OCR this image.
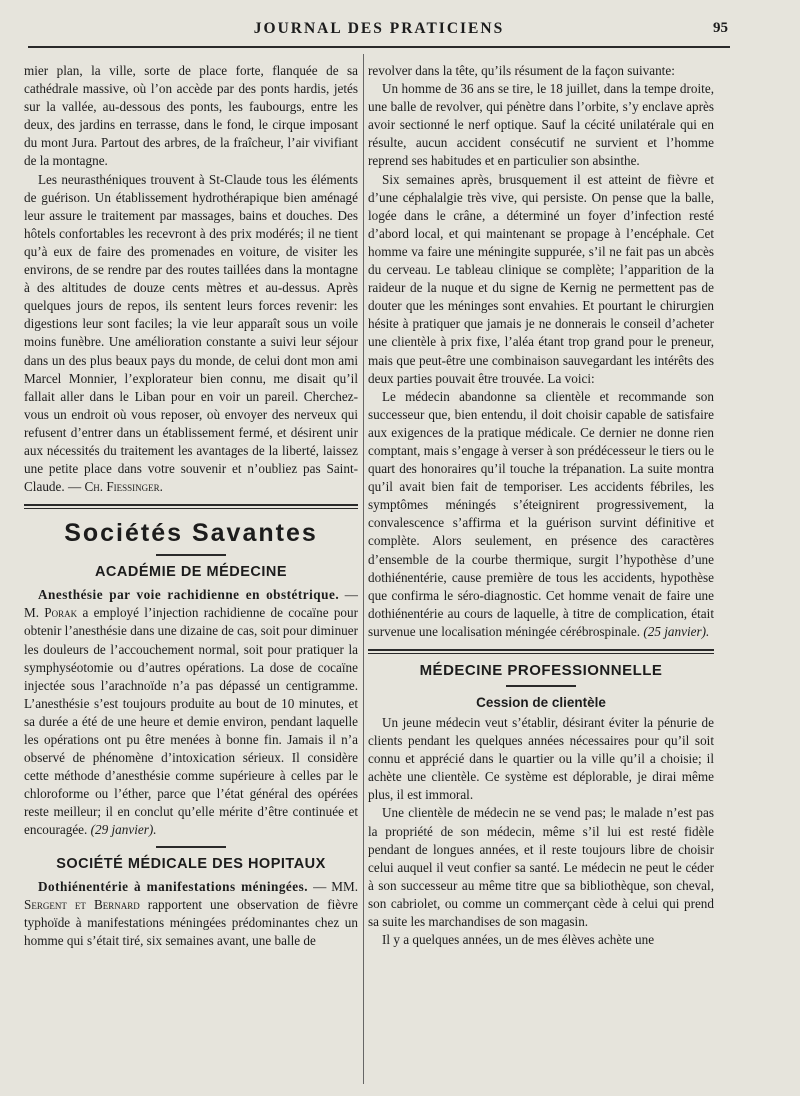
JOURNAL DES PRATICIENS	95

mier plan, la ville, sorte de place forte, flanquée de sa cathédrale massive, où l’on accède par des ponts hardis, jetés sur la vallée, au-dessous des ponts, les faubourgs, entre les deux, des jardins en terrasse, dans le fond, le cirque imposant du mont Jura. Partout des arbres, de la fraîcheur, l’air vivifiant de la montagne.

Les neurasthéniques trouvent à St-Claude tous les éléments de guérison. Un établissement hydrothérapique bien aménagé leur assure le traitement par massages, bains et douches. Des hôtels confortables les recevront à des prix modérés; il ne tient qu’à eux de faire des promenades en voiture, de visiter les environs, de se rendre par des routes taillées dans la montagne à des altitudes de douze cents mètres et au-dessus. Après quelques jours de repos, ils sentent leurs forces revenir: les digestions leur sont faciles; la vie leur apparaît sous un voile moins funèbre. Une amélioration constante a suivi leur séjour dans un des plus beaux pays du monde, de celui dont mon ami Marcel Monnier, l’explorateur bien connu, me disait qu’il fallait aller dans le Liban pour en voir un pareil. Cherchez-vous un endroit où vous reposer, où envoyer des nerveux qui refusent d’entrer dans un établissement fermé, et désirent unir aux nécessités du traitement les avantages de la liberté, laissez une petite place dans votre souvenir et n’oubliez pas Saint-Claude. — Ch. Fiessinger.

Sociétés Savantes
ACADÉMIE DE MÉDECINE

Anesthésie par voie rachidienne en obstétrique. — M. Porak a employé l’injection rachidienne de cocaïne pour obtenir l’anesthésie dans une dizaine de cas, soit pour diminuer les douleurs de l’accouchement normal, soit pour pratiquer la symphyséotomie ou d’autres opérations. La dose de cocaïne injectée sous l’arachnoïde n’a pas dépassé un centigramme. L’anesthésie s’est toujours produite au bout de 10 minutes, et sa durée a été de une heure et demie environ, pendant laquelle les opérations ont pu être menées à bonne fin. Jamais il n’a observé de phénomène d’intoxication sérieux. Il considère cette méthode d’anesthésie comme supérieure à celles par le chloroforme ou l’éther, parce que l’état général des opérées reste meilleur; il en conclut qu’elle mérite d’être continuée et encouragée. (29 janvier).

SOCIÉTÉ MÉDICALE DES HOPITAUX

Dothiénentérie à manifestations méningées. — MM. Sergent et Bernard rapportent une observation de fièvre typhoïde à manifestations méningées prédominantes chez un homme qui s’était tiré, six semaines avant, une balle de

revolver dans la tête, qu’ils résument de la façon suivante:

Un homme de 36 ans se tire, le 18 juillet, dans la tempe droite, une balle de revolver, qui pénètre dans l’orbite, s’y enclave après avoir sectionné le nerf optique. Sauf la cécité unilatérale qui en résulte, aucun accident consécutif ne survient et l’homme reprend ses habitudes et en particulier son absinthe.

Six semaines après, brusquement il est atteint de fièvre et d’une céphalalgie très vive, qui persiste. On pense que la balle, logée dans le crâne, a déterminé un foyer d’infection resté d’abord local, et qui maintenant se propage à l’encéphale. Cet homme va faire une méningite suppurée, s’il ne fait pas un abcès du cerveau. Le tableau clinique se complète; l’apparition de la raideur de la nuque et du signe de Kernig ne permettent pas de douter que les méninges sont envahies. Et pourtant le chirurgien hésite à pratiquer que jamais je ne donnerais le conseil d’acheter une clientèle à prix fixe, l’aléa étant trop grand pour le preneur, mais que peut-être une combinaison sauvegardant les intérêts des deux parties pouvait être trouvée. La voici:

Le médecin abandonne sa clientèle et recommande son successeur que, bien entendu, il doit choisir capable de satisfaire aux exigences de la pratique médicale. Ce dernier ne donne rien comptant, mais s’engage à verser à son prédécesseur le tiers ou le quart des honoraires qu’il touche la trépanation. La suite montra qu’il avait bien fait de temporiser. Les accidents fébriles, les symptômes méningés s’éteignirent progressivement, la convalescence s’affirma et la guérison survint définitive et complète. Alors seulement, en présence des caractères d’ensemble de la courbe thermique, surgit l’hypothèse d’une dothiénentérie, cause première de tous les accidents, hypothèse que confirma le séro-diagnostic. Cet homme venait de faire une dothiénentérie au cours de laquelle, à titre de complication, était survenue une localisation méningée cérébrospinale. (25 janvier).

MÉDECINE PROFESSIONNELLE
Cession de clientèle

Un jeune médecin veut s’établir, désirant éviter la pénurie de clients pendant les quelques années nécessaires pour qu’il soit connu et apprécié dans le quartier ou la ville qu’il a choisie; il achète une clientèle. Ce système est déplorable, je dirai même plus, il est immoral.

Une clientèle de médecin ne se vend pas; le malade n’est pas la propriété de son médecin, même s’il lui est resté fidèle pendant de longues années, et il reste toujours libre de choisir celui auquel il veut confier sa santé. Le médecin ne peut le céder à son successeur au même titre que sa bibliothèque, son cheval, son cabriolet, ou comme un commerçant cède à celui qui prend sa suite les marchandises de son magasin.

Il y a quelques années, un de mes élèves achète une
